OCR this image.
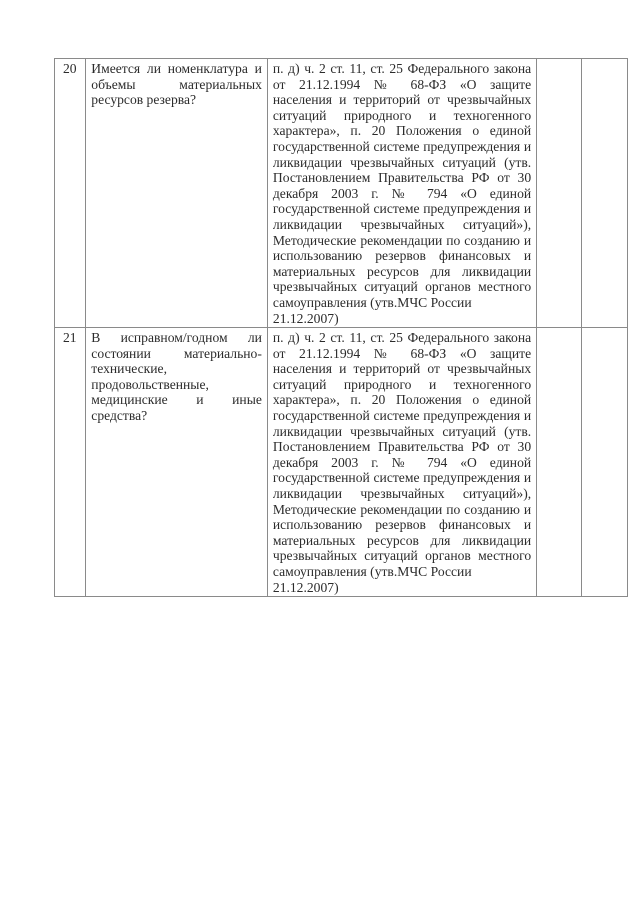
20	Имеется ли номенклатура и объемы материальных ресурсов резерва?	п. д) ч. 2 ст. 11, ст. 25 Федерального закона от 21.12.1994 № 68-ФЗ «О защите населения и территорий от чрезвычайных ситуаций природного и техногенного характера», п. 20 Положения о единой государственной системе предупреждения и ликвидации чрезвычайных ситуаций (утв. Постановлением Правительства РФ от 30 декабря 2003 г. № 794 «О единой государственной системе предупреждения и ликвидации чрезвычайных ситуаций»), Методические рекомендации по созданию и использованию резервов финансовых и материальных ресурсов для ликвидации чрезвычайных ситуаций органов местного самоуправления (утв.МЧС России
21.12.2007)		

21	В исправном/годном ли состоянии материально-технические, продовольственные, медицинские и иные средства?	п. д) ч. 2 ст. 11, ст. 25 Федерального закона от 21.12.1994 № 68-ФЗ «О защите населения и территорий от чрезвычайных ситуаций природного и техногенного характера», п. 20 Положения о единой государственной системе предупреждения и ликвидации чрезвычайных ситуаций (утв. Постановлением Правительства РФ от 30 декабря 2003 г. № 794 «О единой государственной системе предупреждения и ликвидации чрезвычайных ситуаций»), Методические рекомендации по созданию и использованию резервов финансовых и материальных ресурсов для ликвидации чрезвычайных ситуаций органов местного самоуправления (утв.МЧС России
21.12.2007)		
